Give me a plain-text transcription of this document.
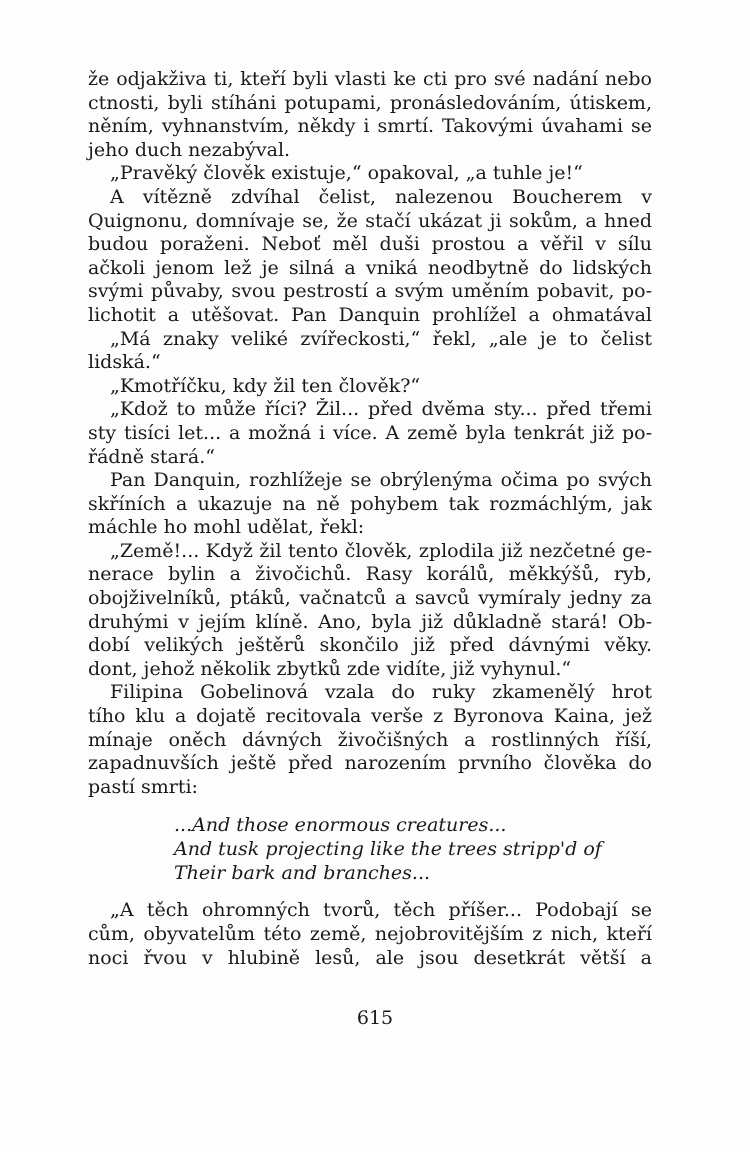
že odjakživa ti, kteří byli vlasti ke cti pro své nadání nebo
ctnosti, byli stíháni potupami, pronásledováním, útiskem,
něním, vyhnanstvím, někdy i smrtí. Takovými úvahami se
jeho duch nezabýval.
„Pravěký člověk existuje,“ opakoval, „a tuhle je!“
A vítězně zdvíhal čelist, nalezenou Boucherem v
Quignonu, domnívaje se, že stačí ukázat ji sokům, a hned
budou poraženi. Neboť měl duši prostou a věřil v sílu
ačkoli jenom lež je silná a vniká neodbytně do lidských
svými půvaby, svou pestrostí a svým uměním pobavit, po-
lichotit a utěšovat. Pan Danquin prohlížel a ohmatával
„Má znaky veliké zvířeckosti,“ řekl, „ale je to čelist
lidská.“
„Kmotříčku, kdy žil ten člověk?“
„Kdož to může říci? Žil... před dvěma sty... před třemi
sty tisíci let... a možná i více. A země byla tenkrát již po-
řádně stará.“
Pan Danquin, rozhlížeje se obrýlenýma očima po svých
skříních a ukazuje na ně pohybem tak rozmáchlým, jak
máchle ho mohl udělat, řekl:
„Země!... Když žil tento člověk, zplodila již nezčetné ge-
nerace bylin a živočichů. Rasy korálů, měkkýšů, ryb,
obojživelníků, ptáků, vačnatců a savců vymíraly jedny za
druhými v jejím klíně. Ano, byla již důkladně stará! Ob-
dobí velikých ještěrů skončilo již před dávnými věky.
dont, jehož několik zbytků zde vidíte, již vyhynul.“
Filipina Gobelinová vzala do ruky zkamenělý hrot
tího klu a dojatě recitovala verše z Byronova Kaina, jež
mínaje oněch dávných živočišných a rostlinných říší,
zapadnuvších ještě před narozením prvního člověka do
pastí smrti:
...And those enormous creatures...
And tusk projecting like the trees stripp'd of
Their bark and branches...
„A těch ohromných tvorů, těch příšer... Podobají se
cům, obyvatelům této země, nejobrovitějším z nich, kteří
noci řvou v hlubině lesů, ale jsou desetkrát větší a
615
